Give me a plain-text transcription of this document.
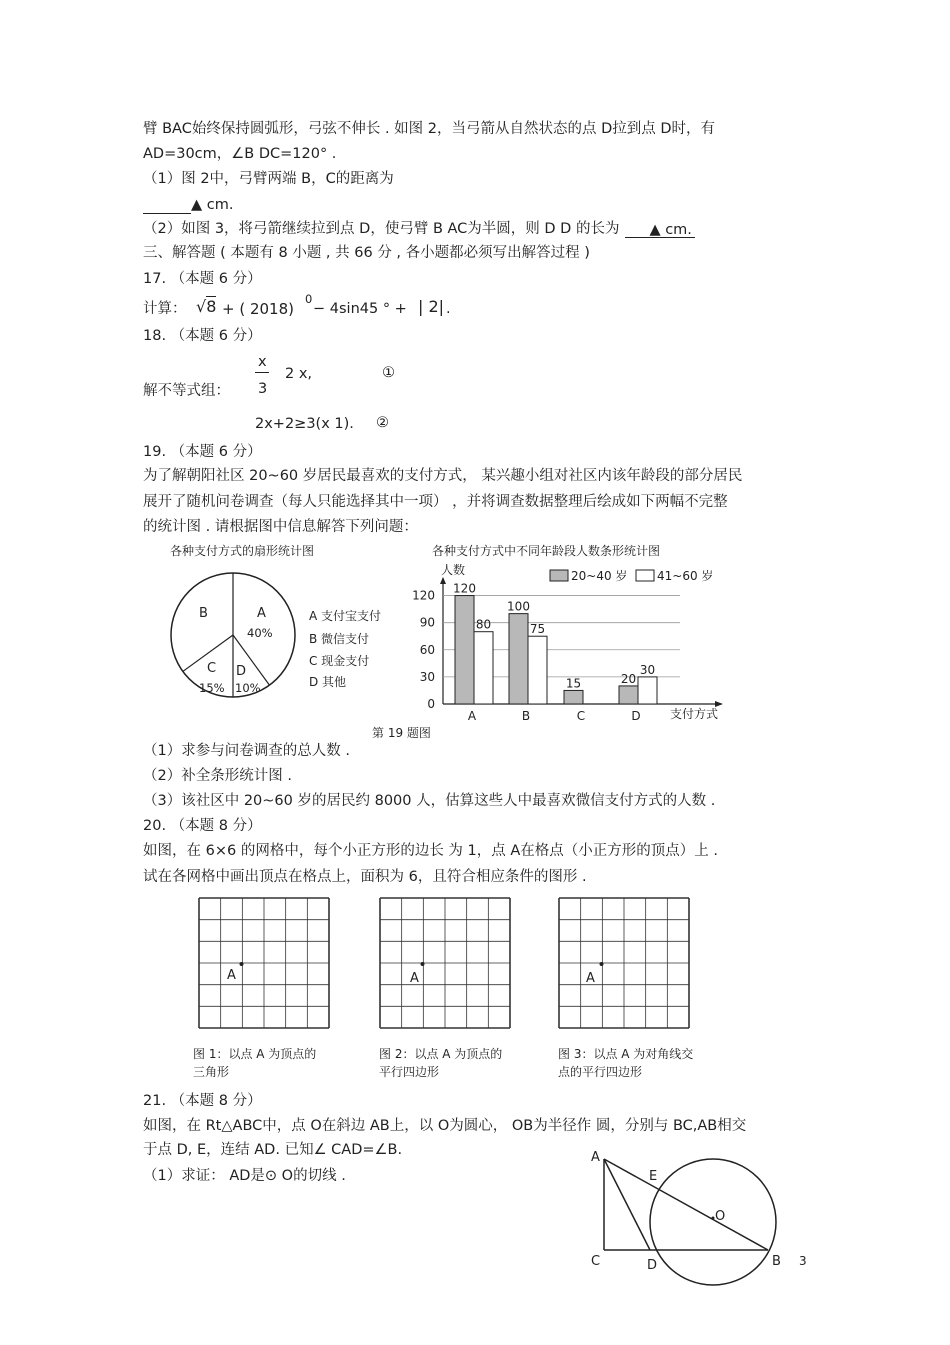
臂 BAC始终保持圆弧形，弓弦不伸长 . 如图 2，当弓箭从自然状态的点 D拉到点 D时，有
AD=30cm，∠B DC=120° .
（1）图 2中，弓臂两端 B，C的距离为
▲ cm.
（2）如图 3，将弓箭继续拉到点 D，使弓臂 B AC为半圆，则 D D 的长为 ▲ cm.
三、解答题 ( 本题有 8 小题 , 共 66 分 , 各小题都必须写出解答过程 )
17. （本题 6 分）
计算： √8 + ( 2018)
0
− 4sin45 ° + | 2| .
18. （本题 6 分）
x
3
2 x,	①
解不等式组：
2x+2≥3(x 1). ②
19. （本题 6 分）
为了解朝阳社区 20~60 岁居民最喜欢的支付方式， 某兴趣小组对社区内该年龄段的部分居民
展开了随机问卷调查（每人只能选择其中一项） ，并将调查数据整理后绘成如下两幅不完整
的统计图 . 请根据图中信息解答下列问题：
各种支付方式的扇形统计图
B	A
40%
C
15%
D
10%
A 支付宝支付
B 微信支付
C 现金支付
D 其他
各种支付方式中不同年龄段人数条形统计图
人数
0
30
60
90
120
A	B	C	D
120
80
100
75
15	20
30
20~40 岁 41~60 岁
支付方式
第 19 题图
（1）求参与问卷调查的总人数 .
（2）补全条形统计图 .
（3）该社区中 20~60 岁的居民约 8000 人，估算这些人中最喜欢微信支付方式的人数 .
20. （本题 8 分）
如图，在 6×6 的网格中，每个小正方形的边长 为 1，点 A在格点（小正方形的顶点）上 .
试在各网格中画出顶点在格点上，面积为 6，且符合相应条件的图形 .
A	A	A
图 1：以点 A 为顶点的
三角形
图 2：以点 A 为顶点的
平行四边形
图 3：以点 A 为对角线交
点的平行四边形
21. （本题 8 分）
如图，在 Rt△ABC中，点 O在斜边 AB上，以 O为圆心， OB为半径作 圆，分别与 BC,AB相交
于点 D, E，连结 AD. 已知∠ CAD=∠B.
（1）求证： AD是⊙ O的切线 .
A
E
O
C	D	B 3
